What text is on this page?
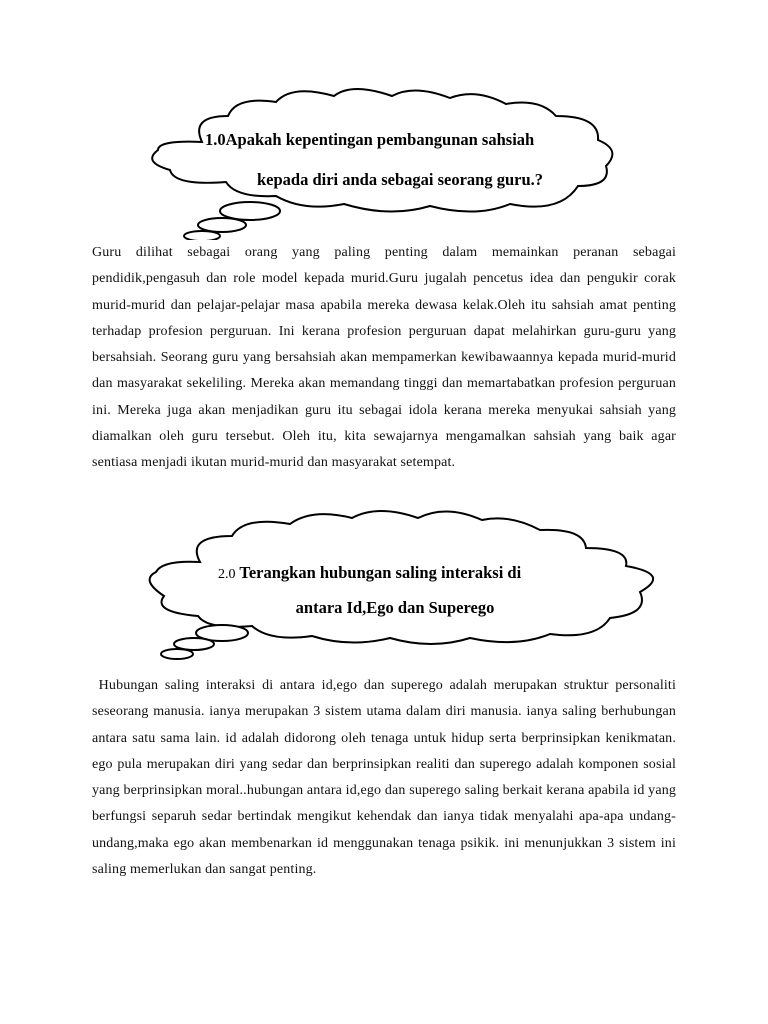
1.0Apakah kepentingan pembangunan sahsiah
kepada diri anda sebagai seorang guru.?

Guru dilihat sebagai orang yang paling penting dalam memainkan peranan sebagai pendidik,pengasuh dan role model kepada murid.Guru jugalah pencetus idea dan pengukir corak murid-murid dan pelajar-pelajar masa apabila mereka dewasa kelak.Oleh itu sahsiah amat penting terhadap profesion perguruan. Ini kerana profesion perguruan dapat melahirkan guru-guru yang bersahsiah. Seorang guru yang bersahsiah akan mempamerkan kewibawaannya kepada murid-murid dan masyarakat sekeliling. Mereka akan memandang tinggi dan memartabatkan profesion perguruan ini. Mereka juga akan menjadikan guru itu sebagai idola kerana mereka menyukai sahsiah yang diamalkan oleh guru tersebut. Oleh itu, kita sewajarnya mengamalkan sahsiah yang baik agar sentiasa menjadi ikutan murid-murid dan masyarakat setempat.

2.0 Terangkan hubungan saling interaksi di
antara Id,Ego dan Superego

Hubungan saling interaksi di antara id,ego dan superego adalah merupakan struktur personaliti seseorang manusia. ianya merupakan 3 sistem utama dalam diri manusia. ianya saling berhubungan antara satu sama lain. id adalah didorong oleh tenaga untuk hidup serta berprinsipkan kenikmatan. ego pula merupakan diri yang sedar dan berprinsipkan realiti dan superego adalah komponen sosial yang berprinsipkan moral..hubungan antara id,ego dan superego saling berkait kerana apabila id yang berfungsi separuh sedar bertindak mengikut kehendak dan ianya tidak menyalahi apa-apa undang-undang,maka ego akan membenarkan id menggunakan tenaga psikik. ini menunjukkan 3 sistem ini saling memerlukan dan sangat penting.
